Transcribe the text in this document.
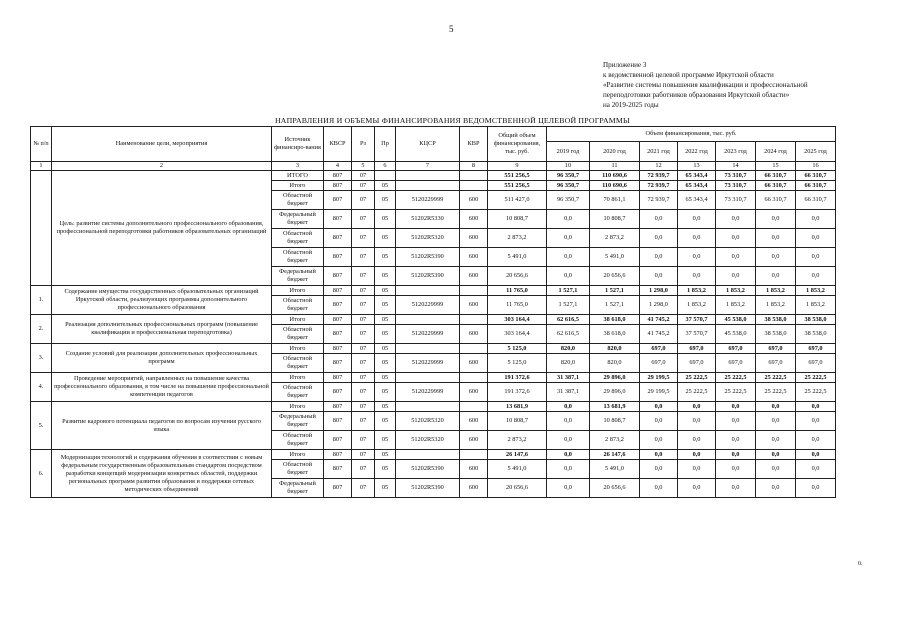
5
Приложение 3
к ведомственной целевой программе Иркутской области
«Развитие системы повышения квалификации и профессиональной
переподготовки работников образования Иркутской области»
на 2019-2025 годы
НАПРАВЛЕНИЯ И ОБЪЕМЫ ФИНАНСИРОВАНИЯ ВЕДОМСТВЕННОЙ ЦЕЛЕВОЙ ПРОГРАММЫ
№ п/п	Наименование цели, мероприятия	Источник финансиро-вания	КВСР	Рз	Пр	КЦСР	КВР	Общий объем финансирования, тыс. руб.	Объем финансирования, тыс. руб.						
									2019 год	2020 год	2021 год	2022 год	2023 год	2024 год	2025 год
1	2	3	4	5	6	7	8	9	10	11	12	13	14	15	16
	Цель: развитие системы дополнительного профессионального образования, профессиональной переподготовки работников образовательных организаций	ИТОГО	807	07				551 256,5	96 350,7	110 690,6	72 939,7	65 343,4	73 310,7	66 310,7	66 310,7
		Итого	807	07	05			551 256,5	96 350,7	110 690,6	72 939,7	65 343,4	73 310,7	66 310,7	66 310,7
		Областной бюджет	807	07	05	5120229999	600	511 427,0	96 350,7	70 861,1	72 939,7	65 343,4	73 310,7	66 310,7	66 310,7
		Федеральный бюджет	807	07	05	51202R5330	600	10 808,7	0,0	10 808,7	0,0	0,0	0,0	0,0	0,0
		Областной бюджет	807	07	05	51202R5320	600	2 873,2	0,0	2 873,2	0,0	0,0	0,0	0,0	0,0
		Областной бюджет	807	07	05	51202R5390	600	5 491,0	0,0	5 491,0	0,0	0,0	0,0	0,0	0,0
		Федеральный бюджет	807	07	05	51202R5390	600	20 656,6	0,0	20 656,6	0,0	0,0	0,0	0,0	0,0
1.	Содержание имущества государственных образовательных организаций Иркутской области, реализующих программы дополнительного профессионального образования	Итого	807	07	05			11 765,0	1 527,1	1 527,1	1 298,0	1 853,2	1 853,2	1 853,2	1 853,2
		Областной бюджет	807	07	05	5120229999	600	11 765,0	1 527,1	1 527,1	1 298,0	1 853,2	1 853,2	1 853,2	1 853,2
2.	Реализация дополнительных профессиональных программ (повышение квалификации и профессиональная переподготовка)	Итого	807	07	05			303 164,4	62 616,5	38 618,0	41 745,2	37 570,7	45 538,0	38 538,0	38 538,0
		Областной бюджет	807	07	05	5120229999	600	303 164,4	62 616,5	38 618,0	41 745,2	37 570,7	45 538,0	38 538,0	38 538,0
3.	Создание условий для реализации дополнительных профессиональных программ	Итого	807	07	05			5 125,0	820,0	820,0	697,0	697,0	697,0	697,0	697,0
		Областной бюджет	807	07	05	5120229999	600	5 125,0	820,0	820,0	697,0	697,0	697,0	697,0	697,0
4.	Проведение мероприятий, направленных на повышение качества профессионального образования, в том числе на повышение профессиональной компетенции педагогов	Итого	807	07	05			191 372,6	31 387,1	29 896,0	29 199,5	25 222,5	25 222,5	25 222,5	25 222,5
		Областной бюджет	807	07	05	5120229999	600	191 372,6	31 387,1	29 896,0	29 199,5	25 222,5	25 222,5	25 222,5	25 222,5
5.	Развитие кадрового потенциала педагогов по вопросам изучения русского языка	Итого	807	07	05			13 681,9	0,0	13 681,9	0,0	0,0	0,0	0,0	0,0
		Федеральный бюджет	807	07	05	51202R5320	600	10 808,7	0,0	10 808,7	0,0	0,0	0,0	0,0	0,0
		Областной бюджет	807	07	05	51202R5320	600	2 873,2	0,0	2 873,2	0,0	0,0	0,0	0,0	0,0
6.	Модернизация технологий и содержания обучения в соответствии с новым федеральным государственным образовательным стандартом посредством разработки концепций модернизации конкретных областей, поддержки региональных программ развития образования и поддержки сетевых методических объединений	Итого	807	07	05			26 147,6	0,0	26 147,6	0,0	0,0	0,0	0,0	0,0
		Областной бюджет	807	07	05	51202R5390	600	5 491,0	0,0	5 491,0	0,0	0,0	0,0	0,0	0,0
		Федеральный бюджет	807	07	05	51202R5390	600	20 656,6	0,0	20 656,6	0,0	0,0	0,0	0,0	0,0
0.
